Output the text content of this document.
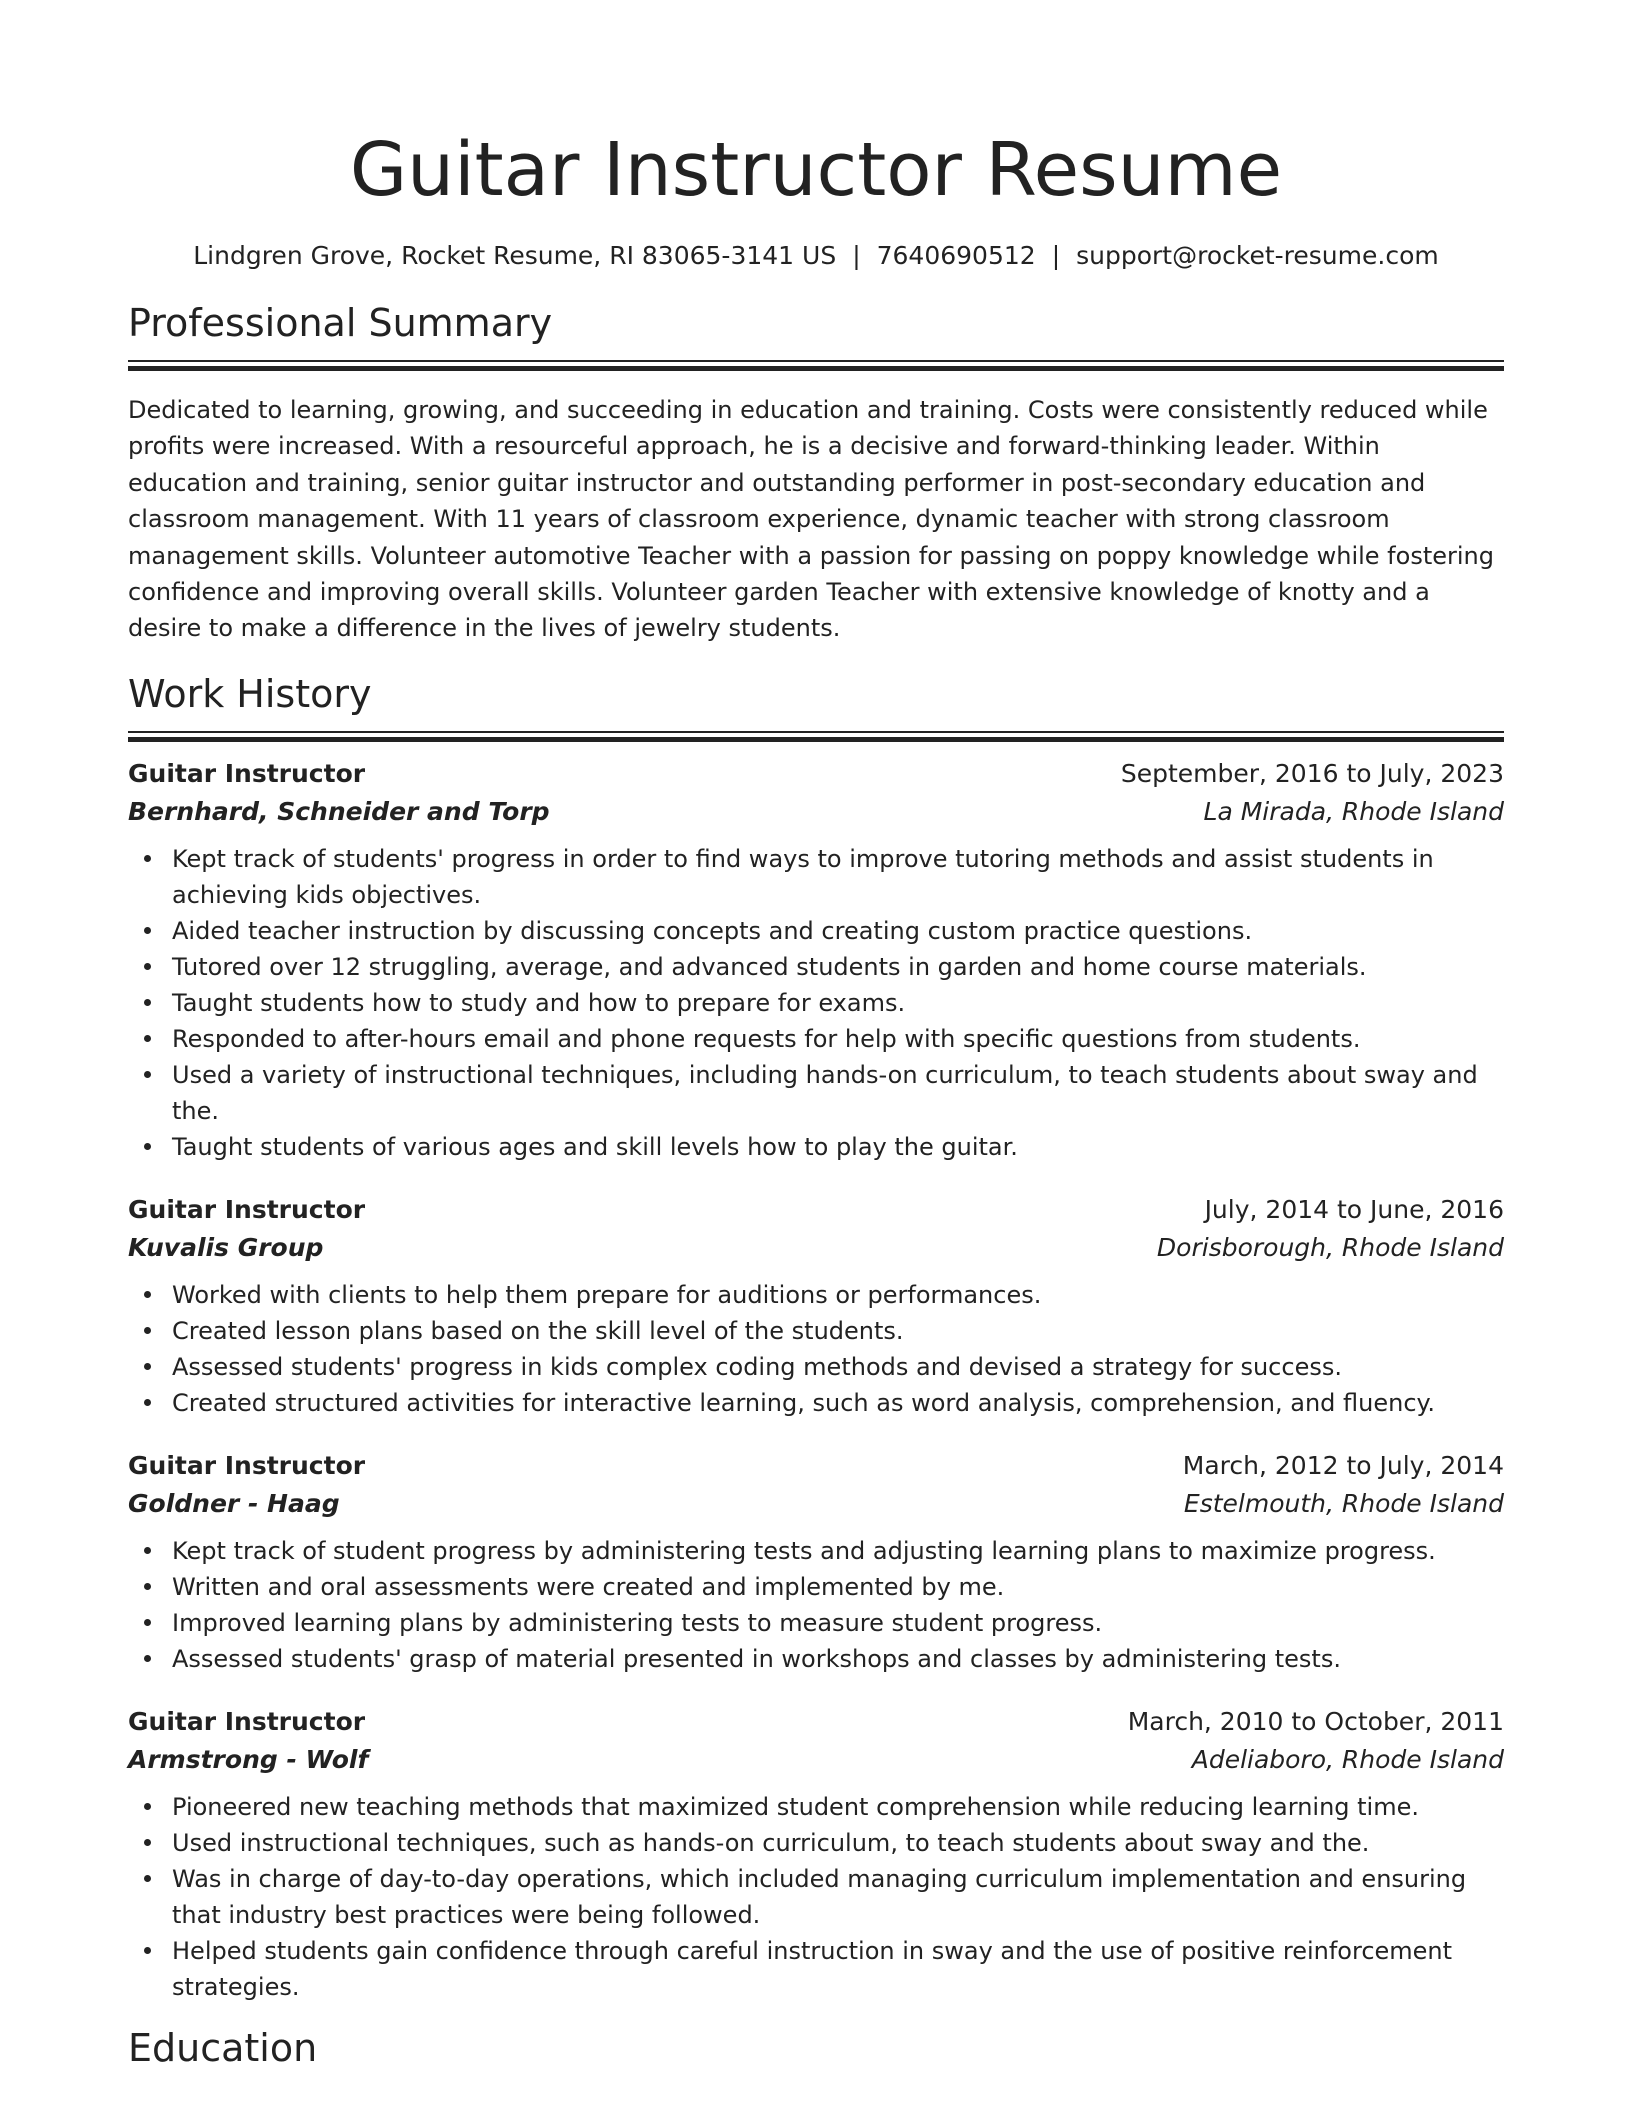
Guitar Instructor Resume
Lindgren Grove, Rocket Resume, RI 83065-3141 US | 7640690512 | support@rocket-resume.com
Professional Summary
Dedicated to learning, growing, and succeeding in education and training. Costs were consistently reduced while profits were increased. With a resourceful approach, he is a decisive and forward-thinking leader. Within education and training, senior guitar instructor and outstanding performer in post-secondary education and classroom management. With 11 years of classroom experience, dynamic teacher with strong classroom management skills. Volunteer automotive Teacher with a passion for passing on poppy knowledge while fostering confidence and improving overall skills. Volunteer garden Teacher with extensive knowledge of knotty and a desire to make a difference in the lives of jewelry students.
Work History
Guitar Instructor	September, 2016 to July, 2023
Bernhard, Schneider and Torp	La Mirada, Rhode Island
Kept track of students' progress in order to find ways to improve tutoring methods and assist students in achieving kids objectives.
Aided teacher instruction by discussing concepts and creating custom practice questions.
Tutored over 12 struggling, average, and advanced students in garden and home course materials.
Taught students how to study and how to prepare for exams.
Responded to after-hours email and phone requests for help with specific questions from students.
Used a variety of instructional techniques, including hands-on curriculum, to teach students about sway and the.
Taught students of various ages and skill levels how to play the guitar.
Guitar Instructor	July, 2014 to June, 2016
Kuvalis Group	Dorisborough, Rhode Island
Worked with clients to help them prepare for auditions or performances.
Created lesson plans based on the skill level of the students.
Assessed students' progress in kids complex coding methods and devised a strategy for success.
Created structured activities for interactive learning, such as word analysis, comprehension, and fluency.
Guitar Instructor	March, 2012 to July, 2014
Goldner - Haag	Estelmouth, Rhode Island
Kept track of student progress by administering tests and adjusting learning plans to maximize progress.
Written and oral assessments were created and implemented by me.
Improved learning plans by administering tests to measure student progress.
Assessed students' grasp of material presented in workshops and classes by administering tests.
Guitar Instructor	March, 2010 to October, 2011
Armstrong - Wolf	Adeliaboro, Rhode Island
Pioneered new teaching methods that maximized student comprehension while reducing learning time.
Used instructional techniques, such as hands-on curriculum, to teach students about sway and the.
Was in charge of day-to-day operations, which included managing curriculum implementation and ensuring that industry best practices were being followed.
Helped students gain confidence through careful instruction in sway and the use of positive reinforcement strategies.
Education
